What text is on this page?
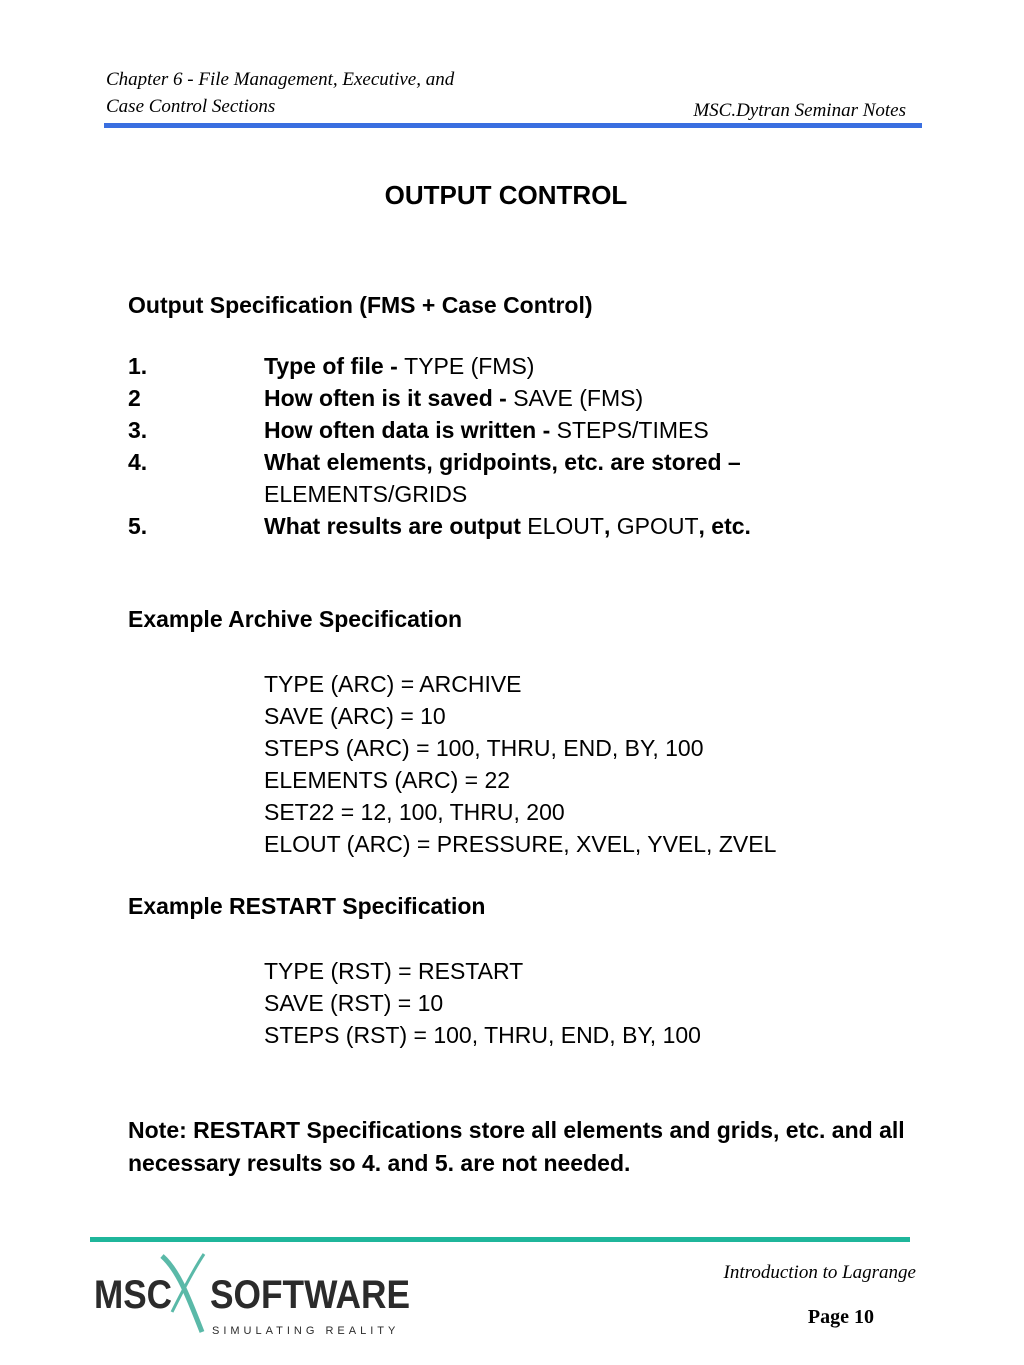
Chapter 6 - File Management, Executive, and
Case Control Sections	MSC.Dytran Seminar Notes
OUTPUT CONTROL
Output Specification (FMS + Case Control)
1.	Type of file - TYPE (FMS)
2	How often is it saved - SAVE (FMS)
3.	How often data is written - STEPS/TIMES
4.	What elements, gridpoints, etc. are stored –
ELEMENTS/GRIDS
5.	What results are output ELOUT, GPOUT, etc.
Example Archive Specification
TYPE (ARC) = ARCHIVE
SAVE (ARC) = 10
STEPS (ARC) = 100, THRU, END, BY, 100
ELEMENTS (ARC) = 22
SET22 = 12, 100, THRU, 200
ELOUT (ARC) = PRESSURE, XVEL, YVEL, ZVEL
Example RESTART Specification
TYPE (RST) = RESTART
SAVE (RST) = 10
STEPS (RST) = 100, THRU, END, BY, 100
Note: RESTART Specifications store all elements and grids, etc. and all necessary results so 4. and 5. are not needed.
MSC SOFTWARE
SIMULATING REALITY
Introduction to Lagrange
Page 10
